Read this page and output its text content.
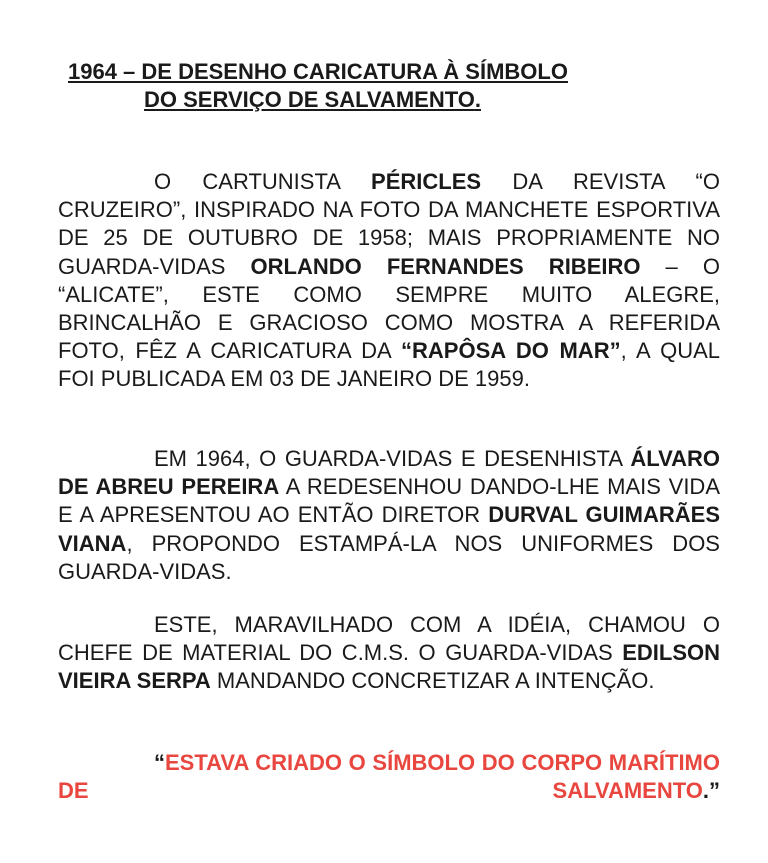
1964 – DE DESENHO CARICATURA À SÍMBOLO
DO SERVIÇO DE SALVAMENTO.
O CARTUNISTA PÉRICLES DA REVISTA “O CRUZEIRO”, INSPIRADO NA FOTO DA MANCHETE ESPORTIVA DE 25 DE OUTUBRO DE 1958; MAIS PROPRIAMENTE NO GUARDA-VIDAS ORLANDO FERNANDES RIBEIRO – O “ALICATE”, ESTE COMO SEMPRE MUITO ALEGRE, BRINCALHÃO E GRACIOSO COMO MOSTRA A REFERIDA FOTO, FÊZ A CARICATURA DA “RAPÔSA DO MAR”, A QUAL FOI PUBLICADA EM 03 DE JANEIRO DE 1959.
EM 1964, O GUARDA-VIDAS E DESENHISTA ÁLVARO DE ABREU PEREIRA A REDESENHOU DANDO-LHE MAIS VIDA E A APRESENTOU AO ENTÃO DIRETOR DURVAL GUIMARÃES VIANA, PROPONDO ESTAMPÁ-LA NOS UNIFORMES DOS GUARDA-VIDAS.
ESTE, MARAVILHADO COM A IDÉIA, CHAMOU O CHEFE DE MATERIAL DO C.M.S. O GUARDA-VIDAS EDILSON VIEIRA SERPA MANDANDO CONCRETIZAR A INTENÇÃO.
“ESTAVA CRIADO O SÍMBOLO DO CORPO MARÍTIMO DE SALVAMENTO.”
